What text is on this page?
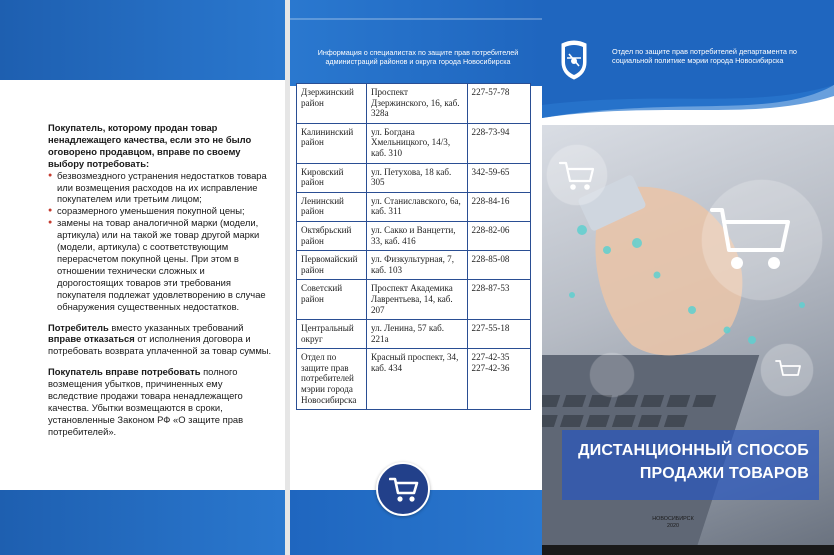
Покупатель, которому продан товар ненадлежащего качества, если это не было оговорено продавцом, вправе по своему выбору потребовать:

● безвозмездного устранения недостатков товара или возмещения расходов на их исправление покупателем или третьим лицом;
● соразмерного уменьшения покупной цены;
● замены на товар аналогичной марки (модели, артикула) или на такой же товар другой марки (модели, артикула) с соответствующим перерасчетом покупной цены. При этом в отношении технически сложных и дорогостоящих товаров эти требования покупателя подлежат удовлетворению в случае обнаружения существенных недостатков.

Потребитель вместо указанных требований вправе отказаться от исполнения договора и потребовать возврата уплаченной за товар суммы.

Покупатель вправе потребовать полного возмещения убытков, причиненных ему вследствие продажи товара ненадлежащего качества. Убытки возмещаются в сроки, установленные Законом РФ «О защите прав потребителей».

Информация о специалистах по защите прав потребителей администраций районов и округа города Новосибирска
Дзержинский район	Проспект Дзержинского, 16, каб. 328а	227-57-78
Калининский район	ул. Богдана Хмельницкого, 14/3, каб. 310	228-73-94
Кировский район	ул. Петухова, 18 каб. 305	342-59-65
Ленинский район	ул. Станиславского, 6а, каб. 311	228-84-16
Октябрьский район	ул. Сакко и Ванцетти, 33, каб. 416	228-82-06
Первомайский район	ул. Физкультурная, 7, каб. 103	228-85-08
Советский район	Проспект Академика Лаврентьева, 14, каб. 207	228-87-53
Центральный округ	ул. Ленина, 57 каб. 221а	227-55-18
Отдел по защите прав потребителей мэрии города Новосибирска	Красный проспект, 34, каб. 434	227-42-35
227-42-36
Отдел по защите прав потребителей департамента по социальной политике мэрии города Новосибирска
ДИСТАНЦИОННЫЙ СПОСОБ
ПРОДАЖИ ТОВАРОВ
НОВОСИБИРСК
2020
